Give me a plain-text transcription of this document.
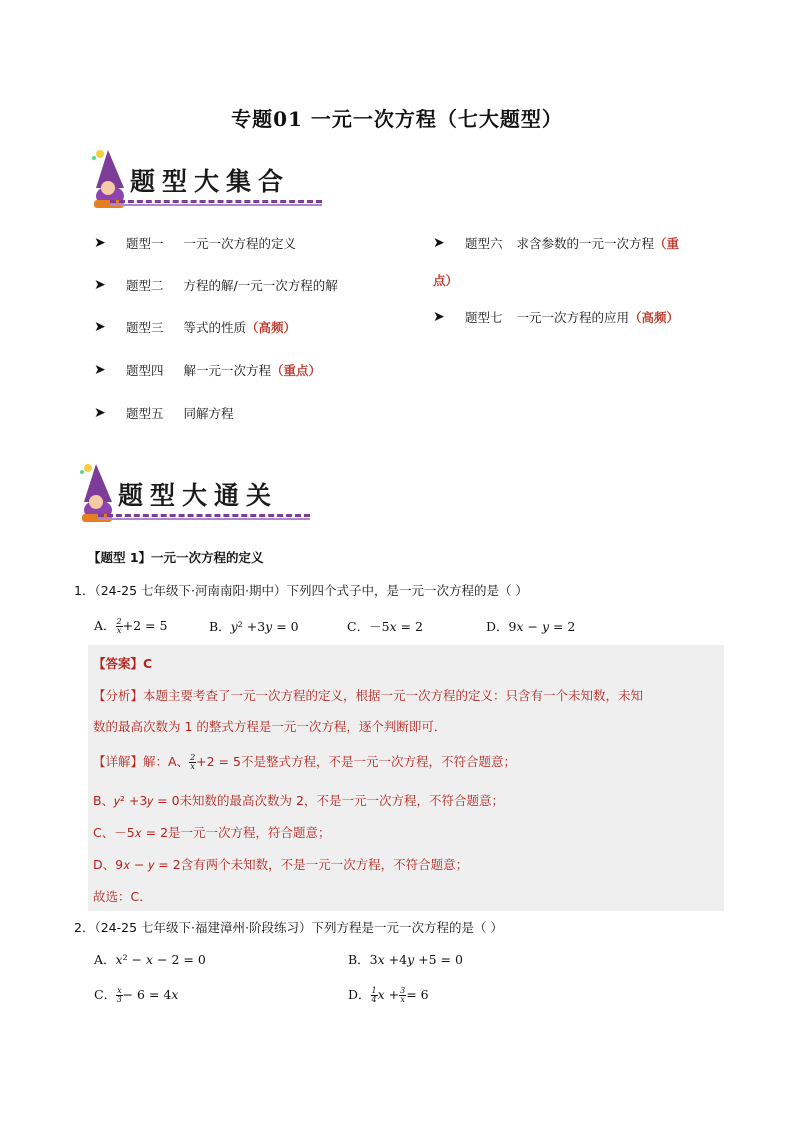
专题01 一元一次方程（七大题型）
题型大集合
➤ 题型一 一元一次方程的定义
➤ 题型二 方程的解/一元一次方程的解
➤ 题型三 等式的性质 （高频）
➤ 题型四 解一元一次方程 （重点）
➤ 题型五 同解方程
➤ 题型六 求含参数的一元一次方程 （重
点）
➤ 题型七 一元一次方程的应用 （高频）
题型大通关
【题型 1】一元一次方程的定义
1．（24-25 七年级下·河南南阳·期中）下列四个式子中，是一元一次方程的是（ ）
A． $\frac{2}{\text{𝑥}} +2 = 5$	B．𝑦² +3𝑦 = 0	C．－5𝑥 = 2	D．9𝑥 − 𝑦 = 2
【答案】C
【分析】本题主要考查了一元一次方程的定义，根据一元一次方程的定义：只含有一个未知数，未知
数的最高次数为 1 的整式方程是一元一次方程，逐个判断即可．
【详解】解：A、 $\frac{2}{\text{𝑥}} +2 = 5$不是整式方程，不是一元一次方程，不符合题意；
B、𝑦² +3𝑦 = 0未知数的最高次数为 2，不是一元一次方程，不符合题意；
C、－5𝑥 = 2是一元一次方程，符合题意；
D、9𝑥 − 𝑦 = 2含有两个未知数，不是一元一次方程，不符合题意；
故选：C．
2．（24-25 七年级下·福建漳州·阶段练习）下列方程是一元一次方程的是（ ）
A．𝑥² − 𝑥 − 2 = 0	B．3𝑥 +4𝑦 +5 = 0
C． $\frac{\text{𝑥}}{3} - 6$ = 4𝑥	D． $\frac{1}{4}$ 𝑥 + $\frac{3}{\text{𝑥}} = 6$
